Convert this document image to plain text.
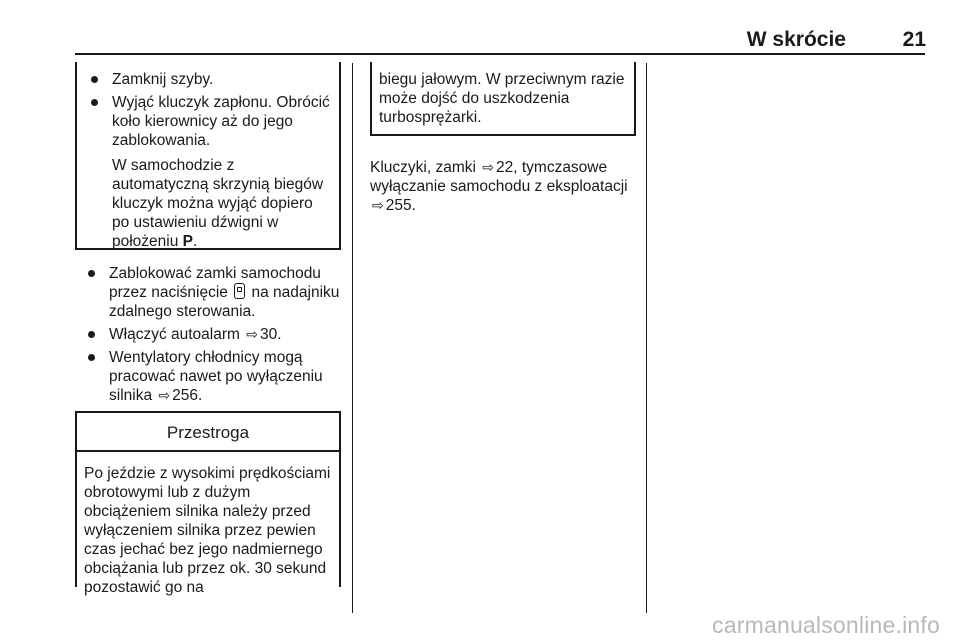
W skrócie	21
Zamknij szyby.
Wyjąć kluczyk zapłonu. Obrócić koło kierownicy aż do jego zablokowania.
W samochodzie z automatyczną skrzynią biegów kluczyk można wyjąć dopiero po ustawieniu dźwigni w położeniu P.
Zablokować zamki samochodu przez naciśnięcie  na nadajniku zdalnego sterowania.
Włączyć autoalarm ⇨ 30.
Wentylatory chłodnicy mogą pracować nawet po wyłączeniu silnika ⇨ 256.
Przestroga
Po jeździe z wysokimi prędkościami obrotowymi lub z dużym obciążeniem silnika należy przed wyłączeniem silnika przez pewien czas jechać bez jego nadmiernego obciążania lub przez ok. 30 sekund pozostawić go na
biegu jałowym. W przeciwnym razie może dojść do uszkodzenia turbosprężarki.
Kluczyki, zamki ⇨ 22, tymczasowe wyłączanie samochodu z eksploatacji ⇨ 255.
carmanualsonline.info
